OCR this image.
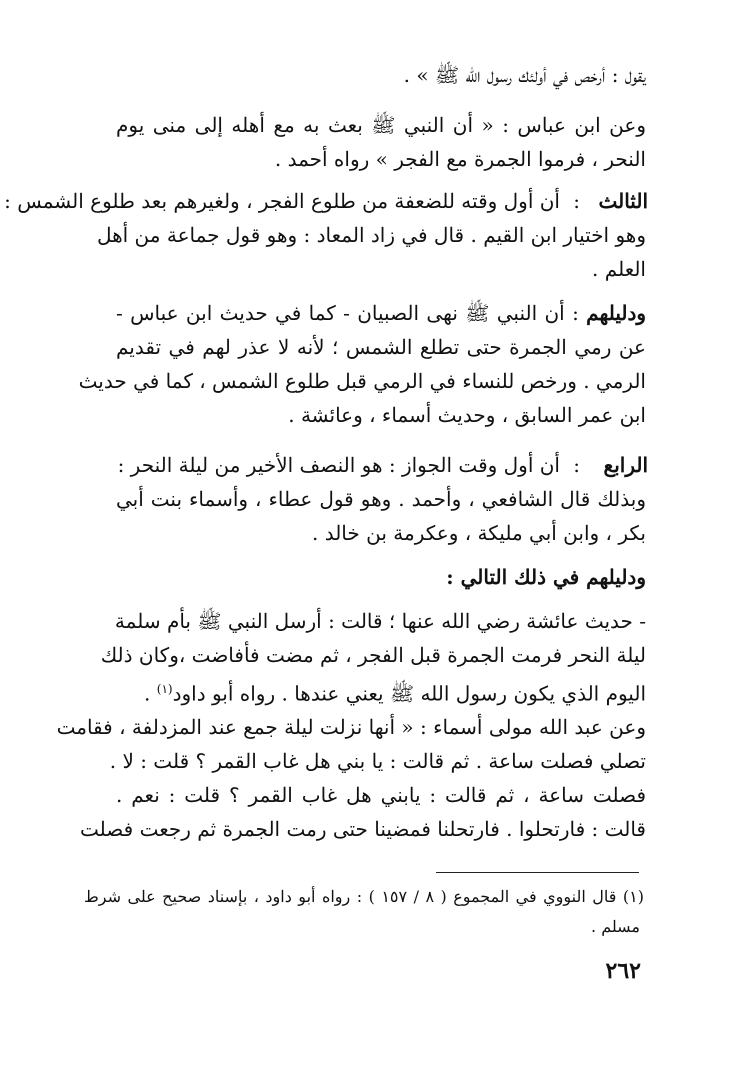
يقول : أرخص في أولئك رسول الله ﷺ » .
وعن ابن عباس : « أن النبي ﷺ بعث به مع أهله إلى منى يوم
النحر ، فرموا الجمرة مع الفجر » رواه أحمد .
الثالث
:
أن أول وقته للضعفة من طلوع الفجر ، ولغيرهم بعد طلوع الشمس :
وهو اختيار ابن القيم . قال في زاد المعاد : وهو قول جماعة من أهل
العلم .
ودليلهم : أن النبي ﷺ نهى الصبيان - كما في حديث ابن عباس -
عن رمي الجمرة حتى تطلع الشمس ؛ لأنه لا عذر لهم في تقديم
الرمي . ورخص للنساء في الرمي قبل طلوع الشمس ، كما في حديث
ابن عمر السابق ، وحديث أسماء ، وعائشة .
الرابع
:
أن أول وقت الجواز : هو النصف الأخير من ليلة النحر :
وبذلك قال الشافعي ، وأحمد . وهو قول عطاء ، وأسماء بنت أبي
بكر ، وابن أبي مليكة ، وعكرمة بن خالد .
ودليلهم في ذلك التالي :
- حديث عائشة رضي الله عنها ؛ قالت : أرسل النبي ﷺ بأم سلمة
ليلة النحر فرمت الجمرة قبل الفجر ، ثم مضت فأفاضت ،وكان ذلك
اليوم الذي يكون رسول الله ﷺ يعني عندها . رواه أبو داود$^{(١)}$ .
وعن عبد الله مولى أسماء : « أنها نزلت ليلة جمع عند المزدلفة ، فقامت
تصلي فصلت ساعة . ثم قالت : يا بني هل غاب القمر ؟ قلت : لا .
فصلت ساعة ، ثم قالت : يابني هل غاب القمر ؟ قلت : نعم .
قالت : فارتحلوا . فارتحلنا فمضينا حتى رمت الجمرة ثم رجعت فصلت
(١) قال النووي في المجموع ( ٨ / ١٥٧ ) : رواه أبو داود ، بإسناد صحيح على شرط
مسلم .
٢٦٢
